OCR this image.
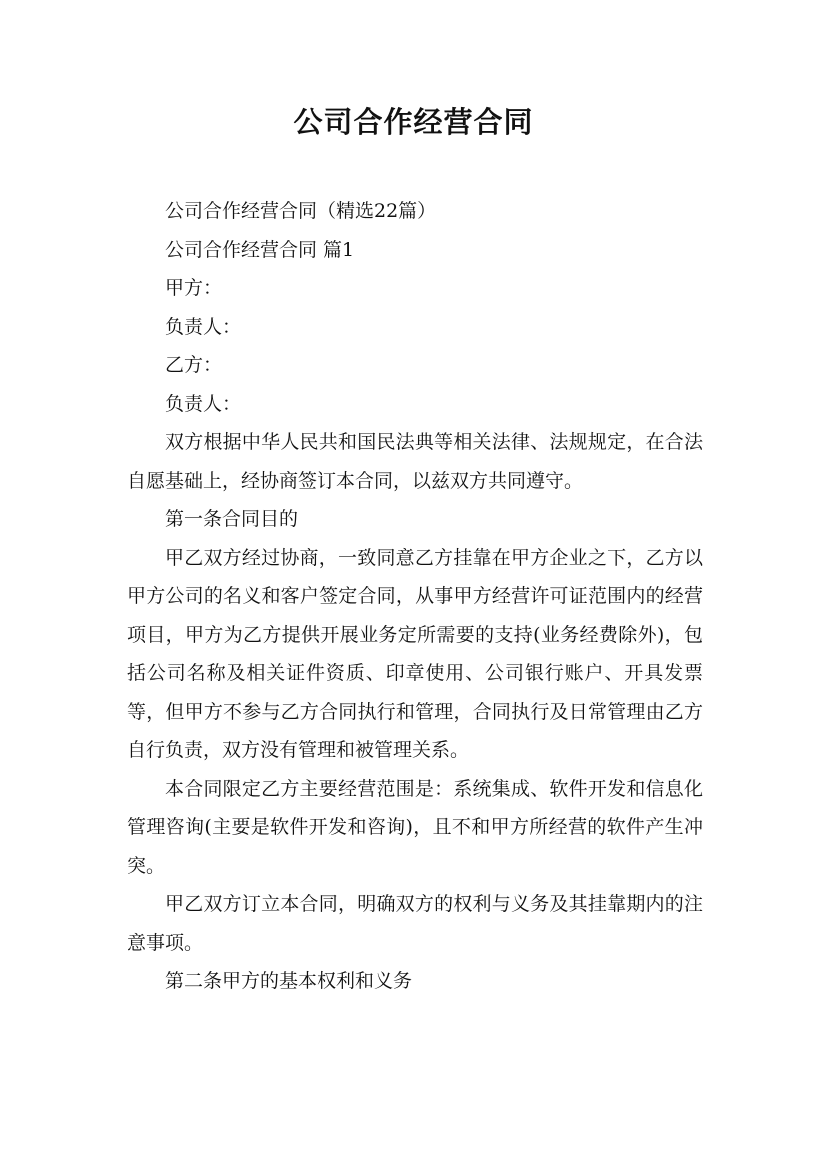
公司合作经营合同

公司合作经营合同（精选22篇）

公司合作经营合同 篇1

甲方：

负责人：

乙方：

负责人：

双方根据中华人民共和国民法典等相关法律、法规规定，在合法自愿基础上，经协商签订本合同，以兹双方共同遵守。

第一条合同目的

甲乙双方经过协商，一致同意乙方挂靠在甲方企业之下，乙方以甲方公司的名义和客户签定合同，从事甲方经营许可证范围内的经营项目，甲方为乙方提供开展业务定所需要的支持(业务经费除外)，包括公司名称及相关证件资质、印章使用、公司银行账户、开具发票等，但甲方不参与乙方合同执行和管理，合同执行及日常管理由乙方自行负责，双方没有管理和被管理关系。

本合同限定乙方主要经营范围是：系统集成、软件开发和信息化管理咨询(主要是软件开发和咨询)，且不和甲方所经营的软件产生冲突。

甲乙双方订立本合同，明确双方的权利与义务及其挂靠期内的注意事项。

第二条甲方的基本权利和义务
